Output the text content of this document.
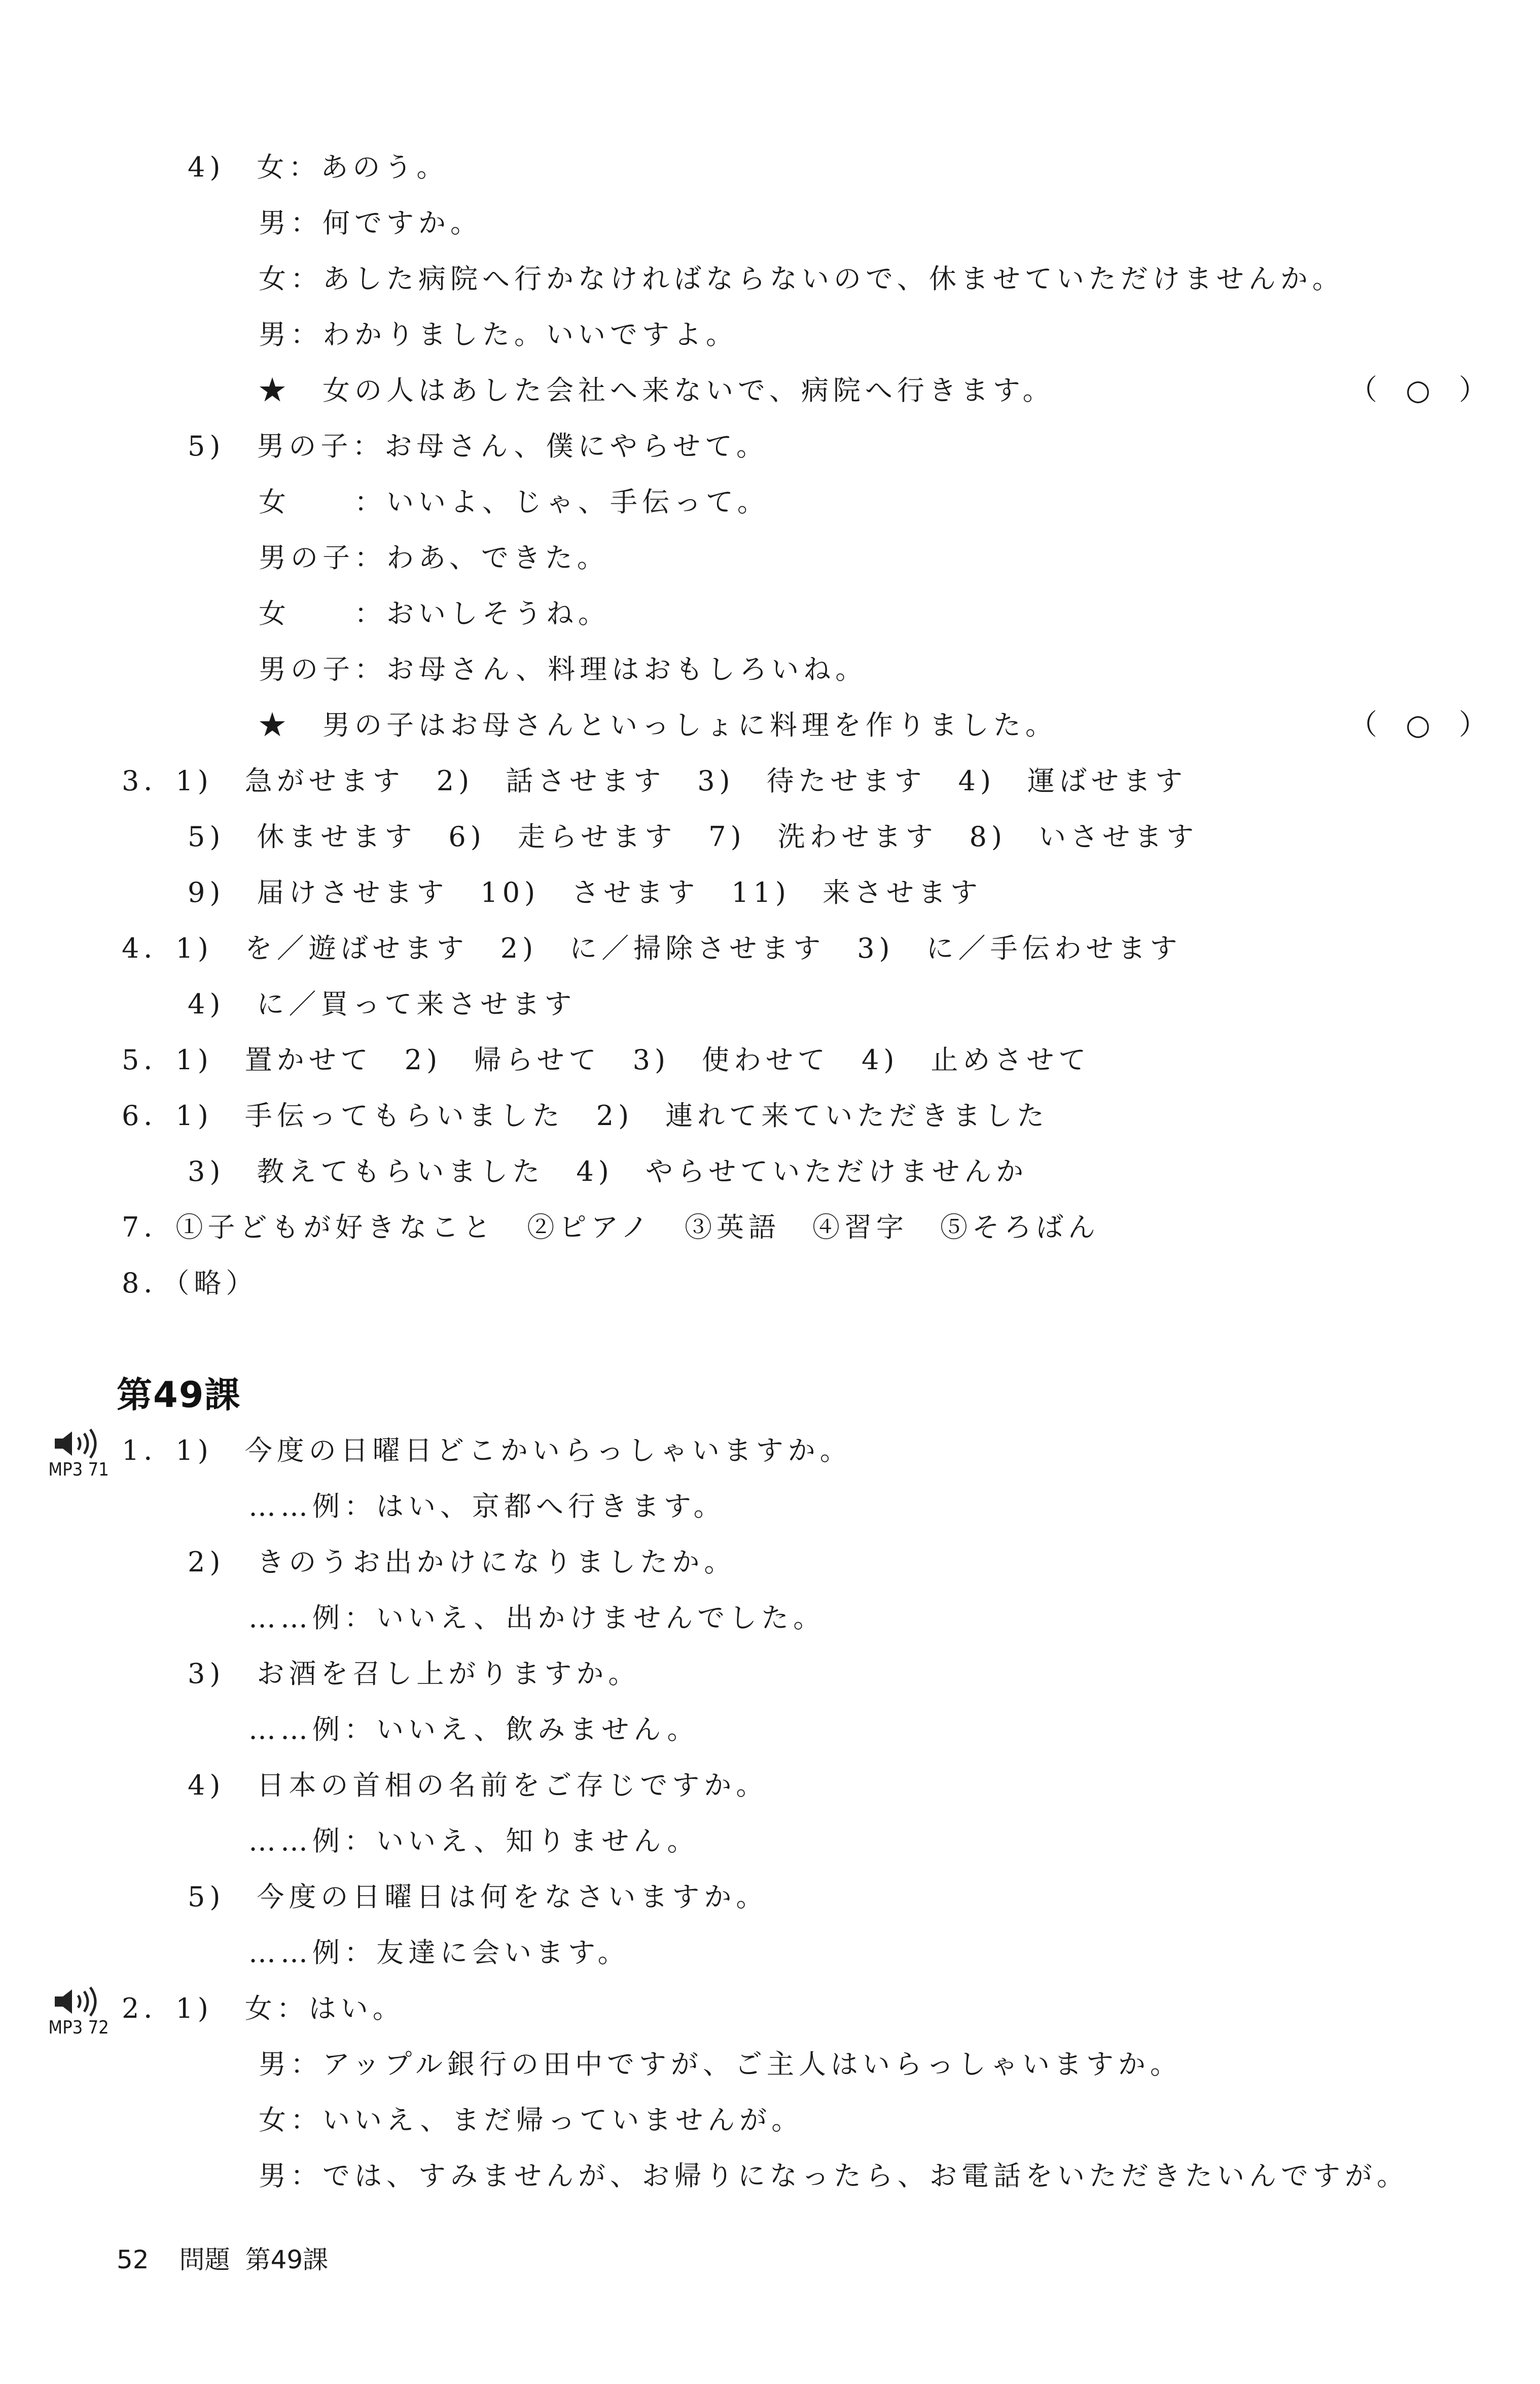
4)　女：あのう。
男：何ですか。
女：あした病院へ行かなければならないので、休ませていただけませんか。
男：わかりました。いいですよ。
★　女の人はあした会社へ来ないで、病院へ行きます。
5)　男の子：お母さん、僕にやらせて。
女　　：いいよ、じゃ、手伝って。
男の子：わあ、できた。
女　　：おいしそうね。
男の子：お母さん、料理はおもしろいね。
★　男の子はお母さんといっしょに料理を作りました。
3．1)　急がせます　2)　話させます　3)　待たせます　4)　運ばせます
5)　休ませます　6)　走らせます　7)　洗わせます　8)　いさせます
9)　届けさせます　10)　させます　11)　来させます
4．1)　を／遊ばせます　2)　に／掃除させます　3)　に／手伝わせます
4)　に／買って来させます
5．1)　置かせて　2)　帰らせて　3)　使わせて　4)　止めさせて
6．1)　手伝ってもらいました　2)　連れて来ていただきました
3)　教えてもらいました　4)　やらせていただけませんか
7．①子どもが好きなこと　②ピアノ　③英語　④習字　⑤そろばん
8．（略）
1．1)　今度の日曜日どこかいらっしゃいますか。
……例：はい、京都へ行きます。
2)　きのうお出かけになりましたか。
……例：いいえ、出かけませんでした。
3)　お酒を召し上がりますか。
……例：いいえ、飲みません。
4)　日本の首相の名前をご存じですか。
……例：いいえ、知りません。
5)　今度の日曜日は何をなさいますか。
……例：友達に会います。
2．1)　女：はい。
男：アップル銀行の田中ですが、ご主人はいらっしゃいますか。
女：いいえ、まだ帰っていませんが。
男：では、すみませんが、お帰りになったら、お電話をいただきたいんですが。
（　○　）
（　○　）
MP3 71
MP3 72
第49課
52 問題 第49課
